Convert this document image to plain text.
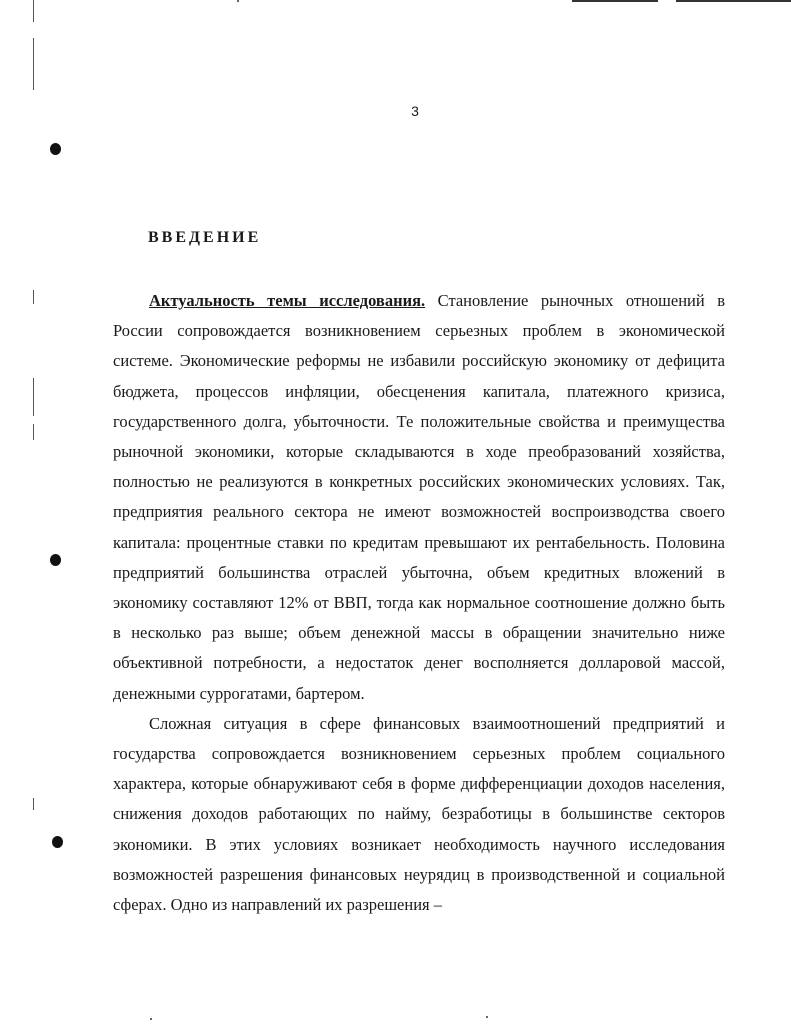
3
ВВЕДЕНИЕ

Актуальность темы исследования. Становление рыночных отношений в России сопровождается возникновением серьезных проблем в экономической системе. Экономические реформы не избавили российскую экономику от дефицита бюджета, процессов инфляции, обесценения капитала, платежного кризиса, государственного долга, убыточности. Те положительные свойства и преимущества рыночной экономики, которые складываются в ходе преобразований хозяйства, полностью не реализуются в конкретных российских экономических условиях. Так, предприятия реального сектора не имеют возможностей воспроизводства своего капитала: процентные ставки по кредитам превышают их рентабельность. Половина предприятий большинства отраслей убыточна, объем кредитных вложений в экономику составляют 12% от ВВП, тогда как нормальное соотношение должно быть в несколько раз выше; объем денежной массы в обращении значительно ниже объективной потребности, а недостаток денег восполняется долларовой массой, денежными суррогатами, бартером.

Сложная ситуация в сфере финансовых взаимоотношений предприятий и государства сопровождается возникновением серьезных проблем социального характера, которые обнаруживают себя в форме дифференциации доходов населения, снижения доходов работающих по найму, безработицы в большинстве секторов экономики. В этих условиях возникает необходимость научного исследования возможностей разрешения финансовых неурядиц в производственной и социальной сферах. Одно из направлений их разрешения –
